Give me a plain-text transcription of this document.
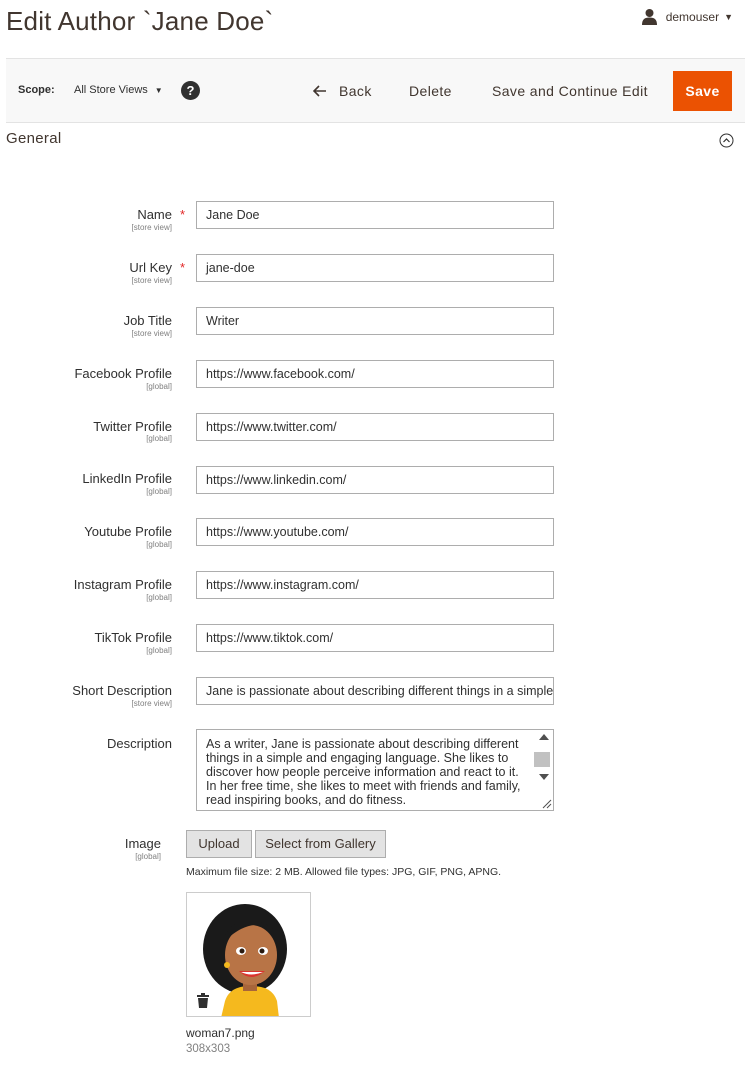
Edit Author `Jane Doe`	demouser ▼
Scope: All Store Views ▼	?	Back	Delete	Save and Continue Edit	Save
General
Name *
[store view]
Jane Doe
Url Key *
[store view]
jane-doe
Job Title
[store view]
Writer
Facebook Profile
[global]
https://www.facebook.com/
Twitter Profile
[global]
https://www.twitter.com/
LinkedIn Profile
[global]
https://www.linkedin.com/
Youtube Profile
[global]
https://www.youtube.com/
Instagram Profile
[global]
https://www.instagram.com/
TikTok Profile
[global]
https://www.tiktok.com/
Short Description
[store view]
Jane is passionate about describing different things in a simple
Description	As a writer, Jane is passionate about describing different things in a simple and engaging language. She likes to discover how people perceive information and react to it. In her free time, she likes to meet with friends and family, read inspiring books, and do fitness.
Image
[global]
Upload	Select from Gallery
Maximum file size: 2 MB. Allowed file types: JPG, GIF, PNG, APNG.
woman7.png
308x303
